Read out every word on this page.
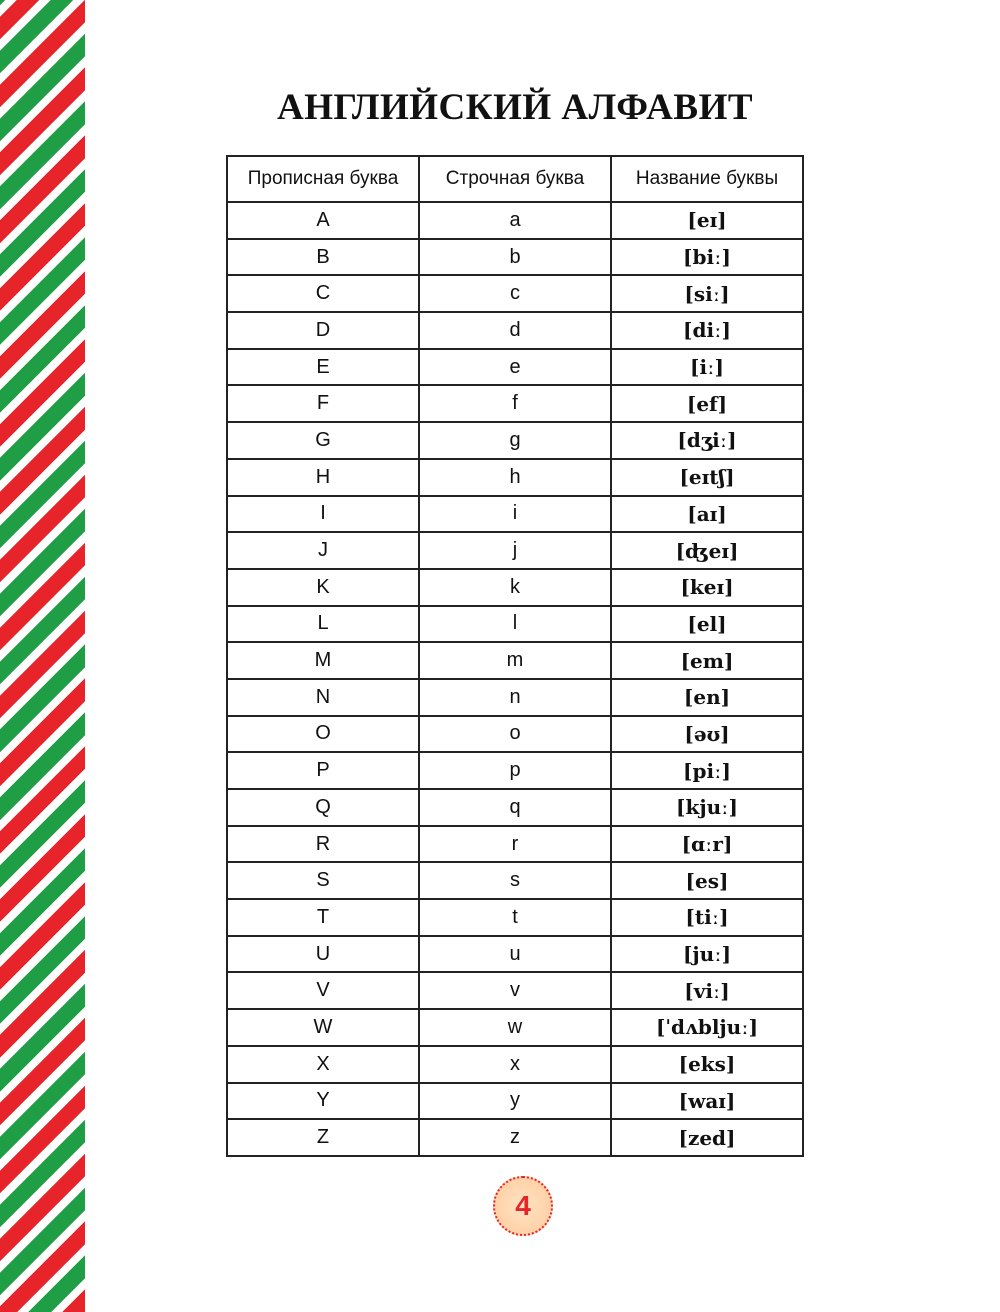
АНГЛИЙСКИЙ АЛФАВИТ
Прописная буква	Строчная буква	Название буквы
A	a	[eɪ]
B	b	[biː]
C	c	[siː]
D	d	[diː]
E	e	[iː]
F	f	[ef]
G	g	[dʒiː]
H	h	[eɪtʃ]
I	i	[aɪ]
J	j	[ʤeɪ]
K	k	[keɪ]
L	l	[el]
M	m	[em]
N	n	[en]
O	o	[əʊ]
P	p	[piː]
Q	q	[kjuː]
R	r	[ɑːr]
S	s	[es]
T	t	[tiː]
U	u	[juː]
V	v	[viː]
W	w	[ˈdʌbljuː]
X	x	[eks]
Y	y	[waɪ]
Z	z	[zed]
4
